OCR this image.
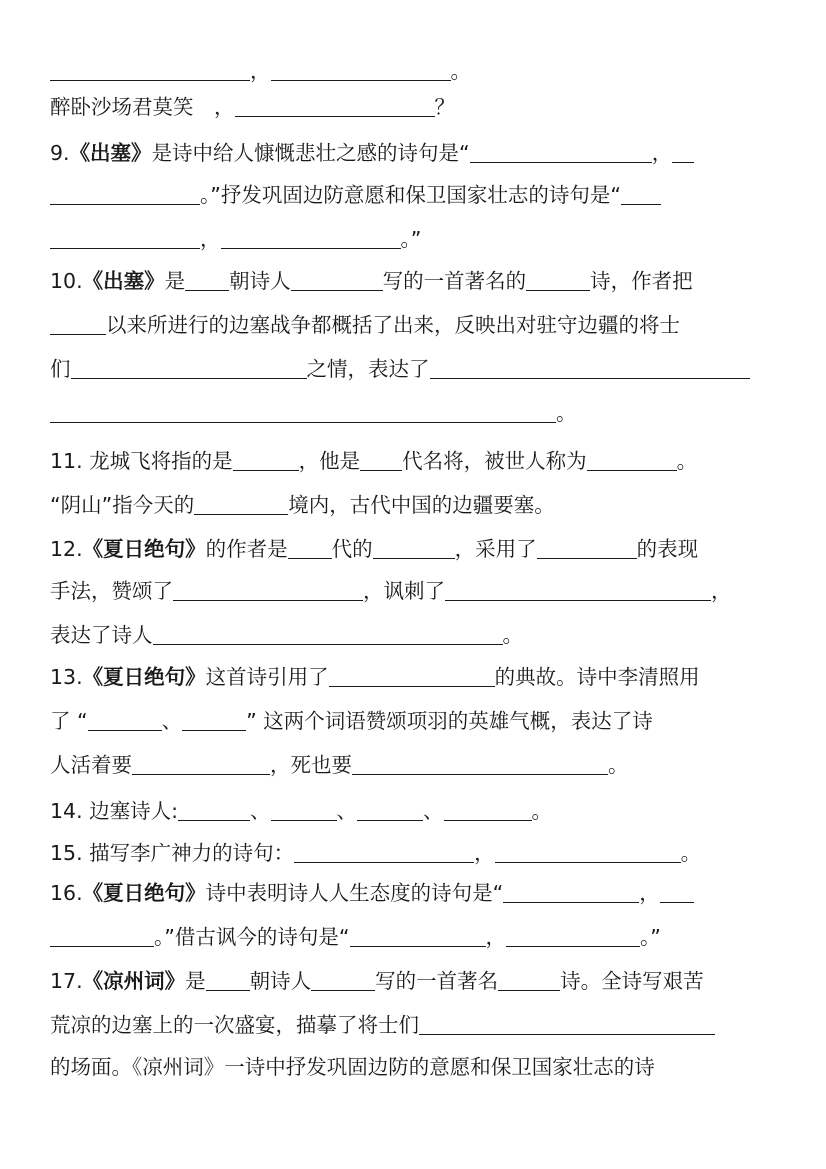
，	。
醉卧沙场君莫笑　，	？
9. 《出塞》 是诗中给人慷慨悲壮之感的诗句是“	，
。”抒发巩固边防意愿和保卫国家壮志的诗句是“
，	。”
10. 《出塞》 是 朝诗人	写的一首著名的	诗，作者把
以来所进行的边塞战争都概括了出来，反映出对驻守边疆的将士
们	之情，表达了
。
11. 龙城飞将指的是	，他是 代名将，被世人称为	。
“阴山”指今天的	境内，古代中国的边疆要塞。
12. 《夏日绝句》 的作者是 代的	，采用了	的表现
手法，赞颂了	，讽刺了	，
表达了诗人	。
13. 《夏日绝句》 这首诗引用了	的典故。诗中李清照用
了 “	、	” 这两个词语赞颂项羽的英雄气概，表达了诗
人活着要	，死也要	。
14. 边塞诗人:	、	、	、	。
15. 描写李广神力的诗句：	，	。
16. 《夏日绝句》 诗中表明诗人人生态度的诗句是“	，
。”借古讽今的诗句是“	，	。”
17. 《凉州词》 是 朝诗人	写的一首著名	诗。全诗写艰苦
荒凉的边塞上的一次盛宴，描摹了将士们
的场面。《凉州词》一诗中抒发巩固边防的意愿和保卫国家壮志的诗
